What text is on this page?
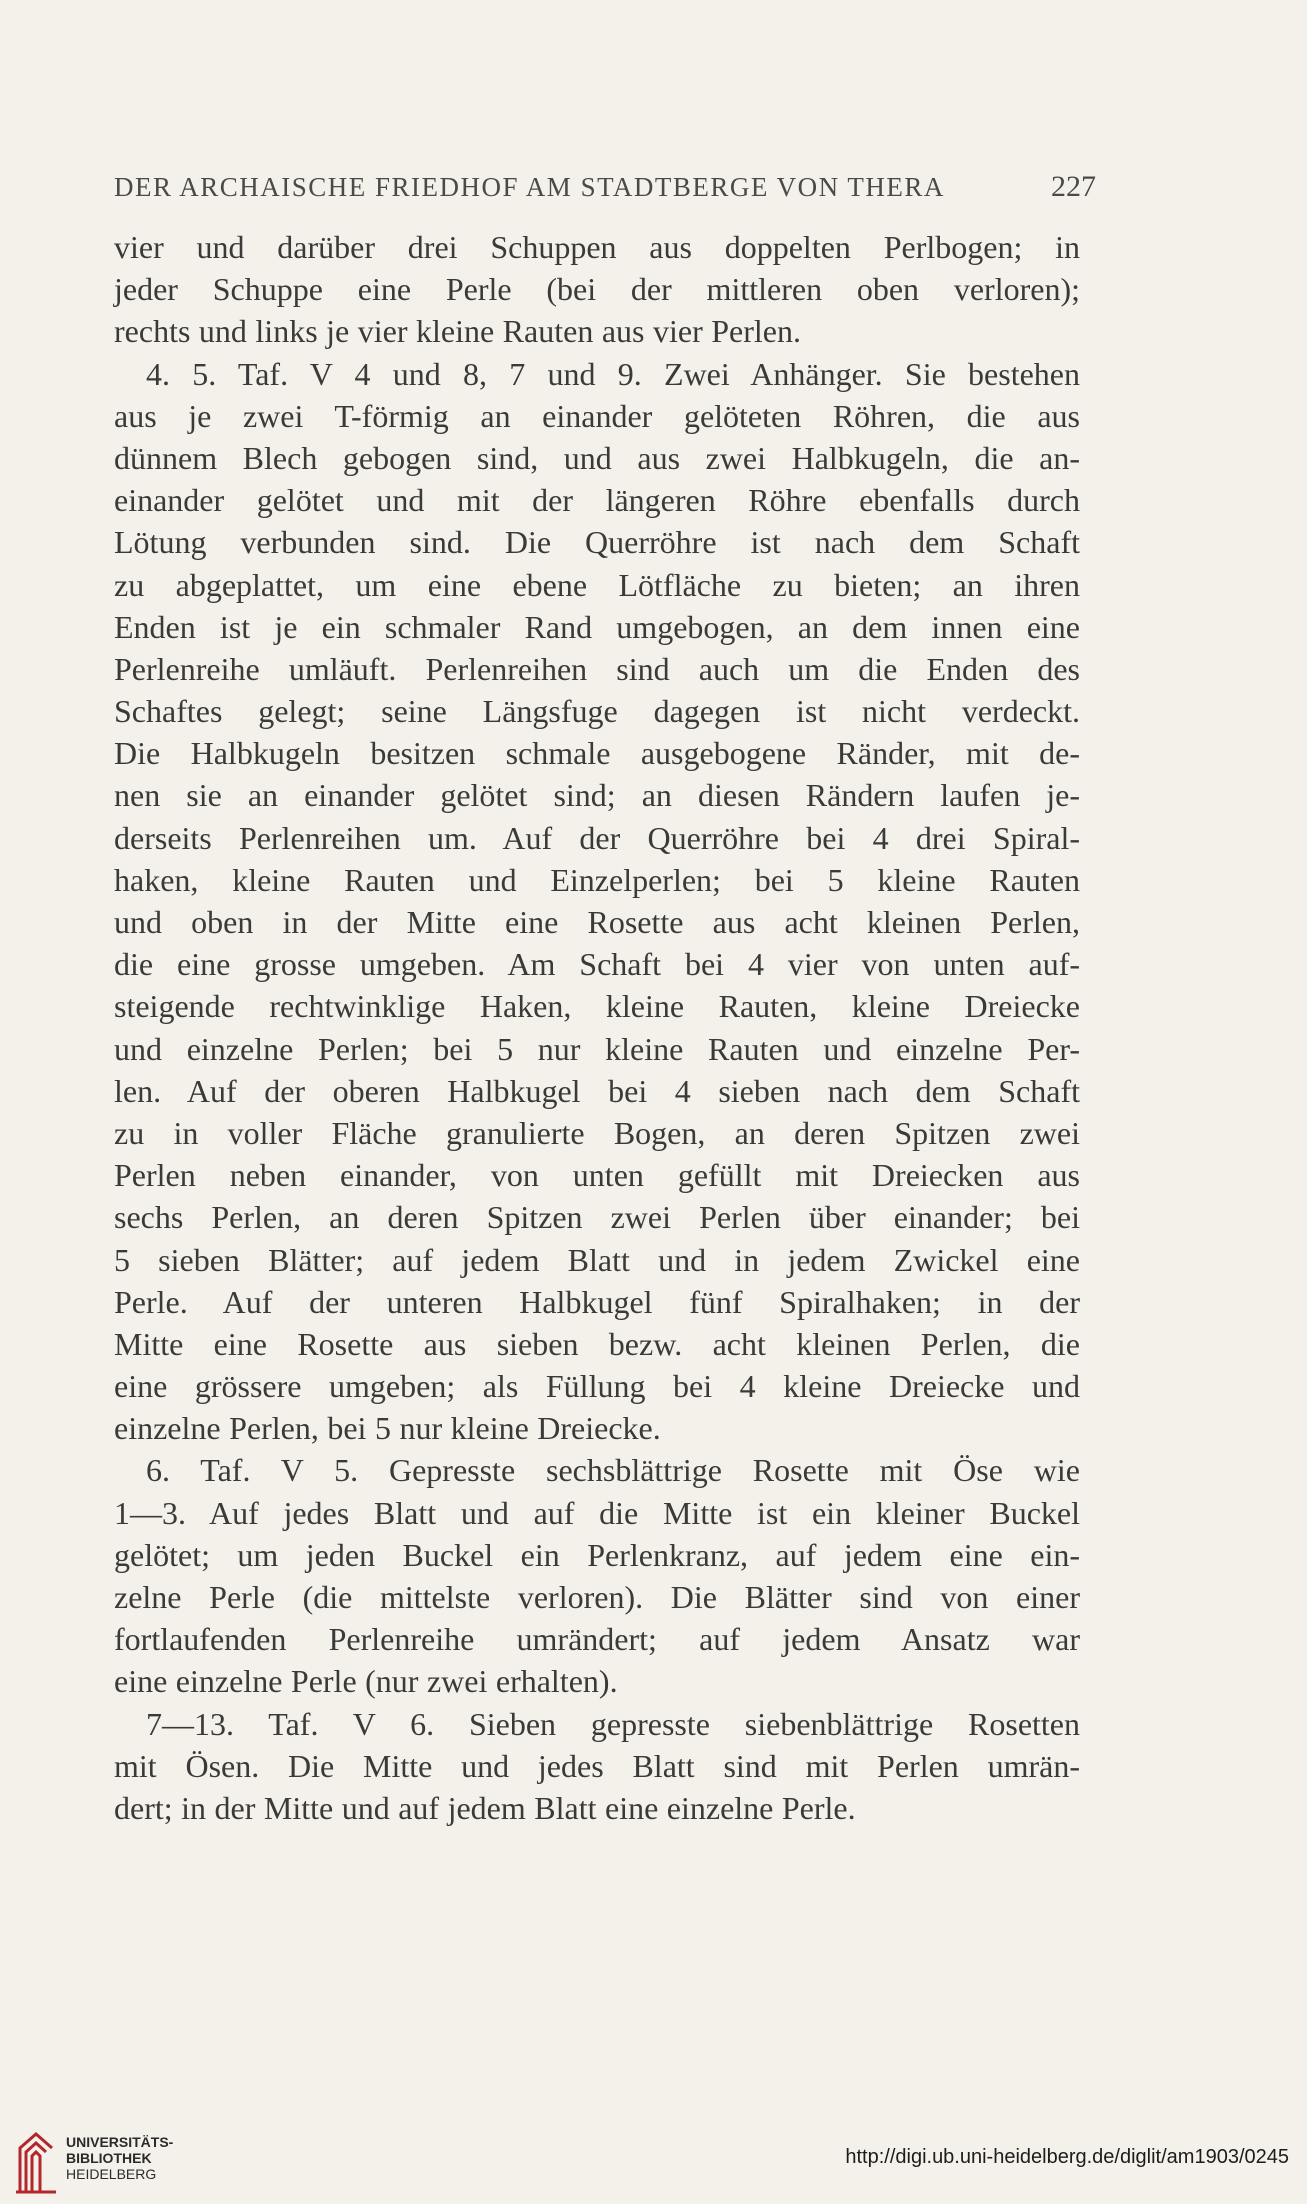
DER ARCHAISCHE FRIEDHOF AM STADTBERGE VON THERA	227
vier und darüber drei Schuppen aus doppelten Perlbogen; in
jeder Schuppe eine Perle (bei der mittleren oben verloren);
rechts und links je vier kleine Rauten aus vier Perlen.
4. 5. Taf. V 4 und 8, 7 und 9. Zwei Anhänger. Sie bestehen
aus je zwei T-förmig an einander gelöteten Röhren, die aus
dünnem Blech gebogen sind, und aus zwei Halbkugeln, die an-
einander gelötet und mit der längeren Röhre ebenfalls durch
Lötung verbunden sind. Die Querröhre ist nach dem Schaft
zu abgeplattet, um eine ebene Lötfläche zu bieten; an ihren
Enden ist je ein schmaler Rand umgebogen, an dem innen eine
Perlenreihe umläuft. Perlenreihen sind auch um die Enden des
Schaftes gelegt; seine Längsfuge dagegen ist nicht verdeckt.
Die Halbkugeln besitzen schmale ausgebogene Ränder, mit de-
nen sie an einander gelötet sind; an diesen Rändern laufen je-
derseits Perlenreihen um. Auf der Querröhre bei 4 drei Spiral-
haken, kleine Rauten und Einzelperlen; bei 5 kleine Rauten
und oben in der Mitte eine Rosette aus acht kleinen Perlen,
die eine grosse umgeben. Am Schaft bei 4 vier von unten auf-
steigende rechtwinklige Haken, kleine Rauten, kleine Dreiecke
und einzelne Perlen; bei 5 nur kleine Rauten und einzelne Per-
len. Auf der oberen Halbkugel bei 4 sieben nach dem Schaft
zu in voller Fläche granulierte Bogen, an deren Spitzen zwei
Perlen neben einander, von unten gefüllt mit Dreiecken aus
sechs Perlen, an deren Spitzen zwei Perlen über einander; bei
5 sieben Blätter; auf jedem Blatt und in jedem Zwickel eine
Perle. Auf der unteren Halbkugel fünf Spiralhaken; in der
Mitte eine Rosette aus sieben bezw. acht kleinen Perlen, die
eine grössere umgeben; als Füllung bei 4 kleine Dreiecke und
einzelne Perlen, bei 5 nur kleine Dreiecke.
6. Taf. V 5. Gepresste sechsblättrige Rosette mit Öse wie
1—3. Auf jedes Blatt und auf die Mitte ist ein kleiner Buckel
gelötet; um jeden Buckel ein Perlenkranz, auf jedem eine ein-
zelne Perle (die mittelste verloren). Die Blätter sind von einer
fortlaufenden Perlenreihe umrändert; auf jedem Ansatz war
eine einzelne Perle (nur zwei erhalten).
7—13. Taf. V 6. Sieben gepresste siebenblättrige Rosetten
mit Ösen. Die Mitte und jedes Blatt sind mit Perlen umrän-
dert; in der Mitte und auf jedem Blatt eine einzelne Perle.
UNIVERSITÄTS-
BIBLIOTHEK
HEIDELBERG
http://digi.ub.uni-heidelberg.de/diglit/am1903/0245
